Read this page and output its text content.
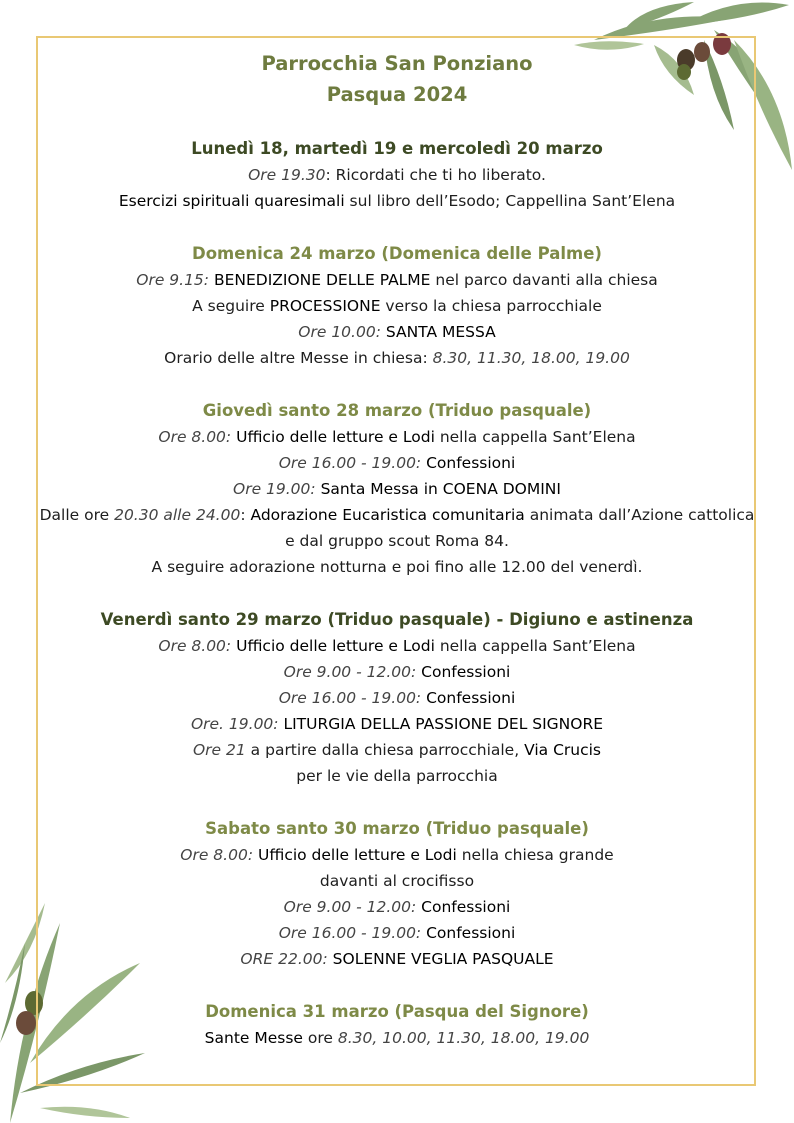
Parrocchia San Ponziano
Pasqua 2024
Lunedì 18, martedì 19 e mercoledì 20 marzo
Ore 19.30: Ricordati che ti ho liberato.
Esercizi spirituali quaresimali sul libro dell’Esodo; Cappellina Sant’Elena
Domenica 24 marzo (Domenica delle Palme)
Ore 9.15: BENEDIZIONE DELLE PALME nel parco davanti alla chiesa
A seguire PROCESSIONE verso la chiesa parrocchiale
Ore 10.00: SANTA MESSA
Orario delle altre Messe in chiesa: 8.30, 11.30, 18.00, 19.00
Giovedì santo 28 marzo (Triduo pasquale)
Ore 8.00: Ufficio delle letture e Lodi nella cappella Sant’Elena
Ore 16.00 - 19.00: Confessioni
Ore 19.00: Santa Messa in COENA DOMINI
Dalle ore 20.30 alle 24.00: Adorazione Eucaristica comunitaria animata dall’Azione cattolica e dal gruppo scout Roma 84.
A seguire adorazione notturna e poi fino alle 12.00 del venerdì.
Venerdì santo 29 marzo (Triduo pasquale) - Digiuno e astinenza
Ore 8.00: Ufficio delle letture e Lodi nella cappella Sant’Elena
Ore 9.00 - 12.00: Confessioni
Ore 16.00 - 19.00: Confessioni
Ore. 19.00: LITURGIA DELLA PASSIONE DEL SIGNORE
Ore 21 a partire dalla chiesa parrocchiale, Via Crucis
per le vie della parrocchia
Sabato santo 30 marzo (Triduo pasquale)
Ore 8.00: Ufficio delle letture e Lodi nella chiesa grande
davanti al crocifisso
Ore 9.00 - 12.00: Confessioni
Ore 16.00 - 19.00: Confessioni
ORE 22.00: SOLENNE VEGLIA PASQUALE
Domenica 31 marzo (Pasqua del Signore)
Sante Messe ore 8.30, 10.00, 11.30, 18.00, 19.00
